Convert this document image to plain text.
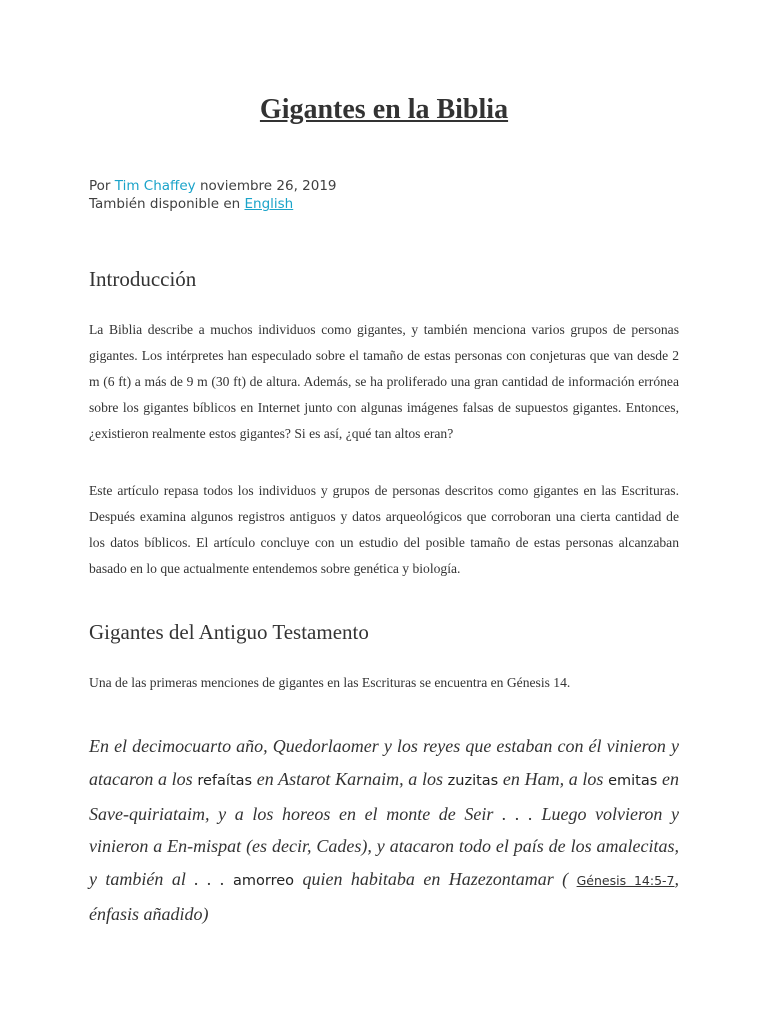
Gigantes en la Biblia
Por Tim Chaffey noviembre 26, 2019
También disponible en English
Introducción

La Biblia describe a muchos individuos como gigantes, y también menciona varios grupos de personas gigantes. Los intérpretes han especulado sobre el tamaño de estas personas con conjeturas que van desde 2 m (6 ft) a más de 9 m (30 ft) de altura. Además, se ha proliferado una gran cantidad de información errónea sobre los gigantes bíblicos en Internet junto con algunas imágenes falsas de supuestos gigantes. Entonces, ¿existieron realmente estos gigantes? Si es así, ¿qué tan altos eran?

Este artículo repasa todos los individuos y grupos de personas descritos como gigantes en las Escrituras. Después examina algunos registros antiguos y datos arqueológicos que corroboran una cierta cantidad de los datos bíblicos. El artículo concluye con un estudio del posible tamaño de estas personas alcanzaban basado en lo que actualmente entendemos sobre genética y biología.

Gigantes del Antiguo Testamento

Una de las primeras menciones de gigantes en las Escrituras se encuentra en Génesis 14.

En el decimocuarto año, Quedorlaomer y los reyes que estaban con él vinieron y atacaron a los refaítas en Astarot Karnaim, a los zuzitas en Ham, a los emitas en Save-quiriataim, y a los horeos en el monte de Seir . . . Luego volvieron y vinieron a En-mispat (es decir, Cades), y atacaron todo el país de los amalecitas, y también al . . . amorreo quien habitaba en Hazezontamar ( Génesis 14:5-7, énfasis añadido)
